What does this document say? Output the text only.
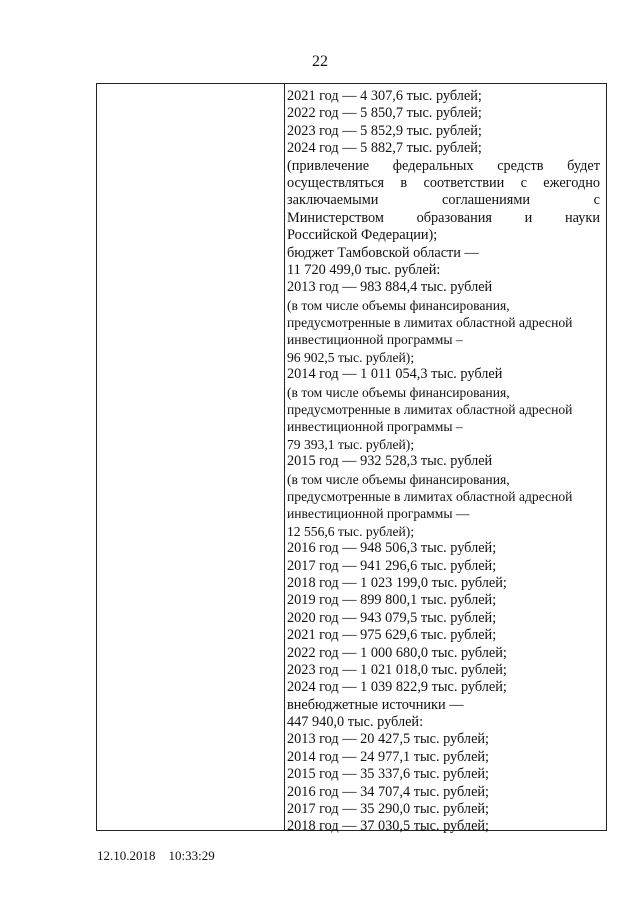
22
2021 год — 4 307,6 тыс. рублей;
2022 год — 5 850,7 тыс. рублей;
2023 год — 5 852,9 тыс. рублей;
2024 год — 5 882,7 тыс. рублей;
(привлечение федеральных средств будет
осуществляться в соответствии с ежегодно
заключаемыми соглашениями с
Министерством образования и науки
Российской Федерации);
бюджет Тамбовской области —
11 720 499,0 тыс. рублей:
2013 год — 983 884,4 тыс. рублей
(в том числе объемы финансирования,
предусмотренные в лимитах областной адресной
инвестиционной программы –
96 902,5 тыс. рублей);
2014 год — 1 011 054,3 тыс. рублей
(в том числе объемы финансирования,
предусмотренные в лимитах областной адресной
инвестиционной программы –
79 393,1 тыс. рублей);
2015 год — 932 528,3 тыс. рублей
(в том числе объемы финансирования,
предусмотренные в лимитах областной адресной
инвестиционной программы —
12 556,6 тыс. рублей);
2016 год — 948 506,3 тыс. рублей;
2017 год — 941 296,6 тыс. рублей;
2018 год — 1 023 199,0 тыс. рублей;
2019 год — 899 800,1 тыс. рублей;
2020 год — 943 079,5 тыс. рублей;
2021 год — 975 629,6 тыс. рублей;
2022 год — 1 000 680,0 тыс. рублей;
2023 год — 1 021 018,0 тыс. рублей;
2024 год — 1 039 822,9 тыс. рублей;
внебюджетные источники —
447 940,0 тыс. рублей:
2013 год — 20 427,5 тыс. рублей;
2014 год — 24 977,1 тыс. рублей;
2015 год — 35 337,6 тыс. рублей;
2016 год — 34 707,4 тыс. рублей;
2017 год — 35 290,0 тыс. рублей;
2018 год — 37 030,5 тыс. рублей;
12.10.2018    10:33:29
